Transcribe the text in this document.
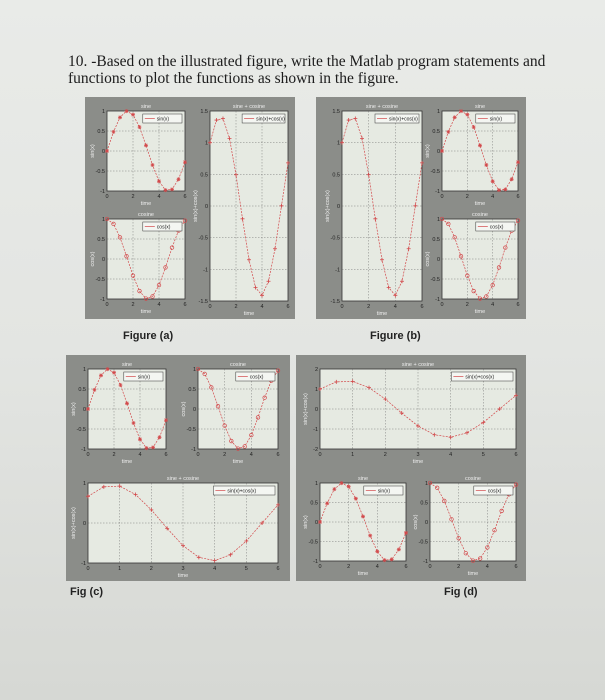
10. -Based on the illustrated figure, write the Matlab program statements and functions to plot the functions as shown in the figure.
0	2	4	6
1
0.5
0
-0.5
-1
sin(x)
sine
time
sin(x)
0	2	4	6
1
0.5
0
-0.5
-1
cos(x)
cosine
time
cos(x)
0	2	4	6
1.5
1
0.5
0
-0.5
-1
-1.5
sin(x)+cos(x)
sine + cosine
time
sin(x)+cos(x)
Figure (a)
0	2	4	6
1.5
1
0.5
0
-0.5
-1
-1.5
sin(x)+cos(x)
sine + cosine
time
sin(x)+cos(x)	0	2	4	6
1
0.5
0
-0.5
-1
sin(x)
sine
time
sin(x)
0	2	4	6
1
0.5
0
-0.5
-1
cos(x)
cosine
time
cos(x)
Figure (b)
0	2	4	6
1
0.5
0
-0.5
-1
sin(x)
sine
time
sin(x)
0	2	4	6
1
0.5
0
-0.5
-1
cos(x)
cosine
time
cos(x)
0	1	2	3	4	5	6
1
0
-1
sin(x)+cos(x)
sine + cosine
time
sin(x)+cos(x)
Fig (c)
0	1	2	3	4	5	6
2
1
0
-1
-2
sin(x)+cos(x)
sine + cosine
time
sin(x)+cos(x)
0	2	4	6
1
0.5
0
-0.5
-1
sin(x)
sine
time
sin(x)
0	2	4	6
1
0.5
0
-0.5
-1
cos(x)
cosine
time
cos(x)
Fig (d)
